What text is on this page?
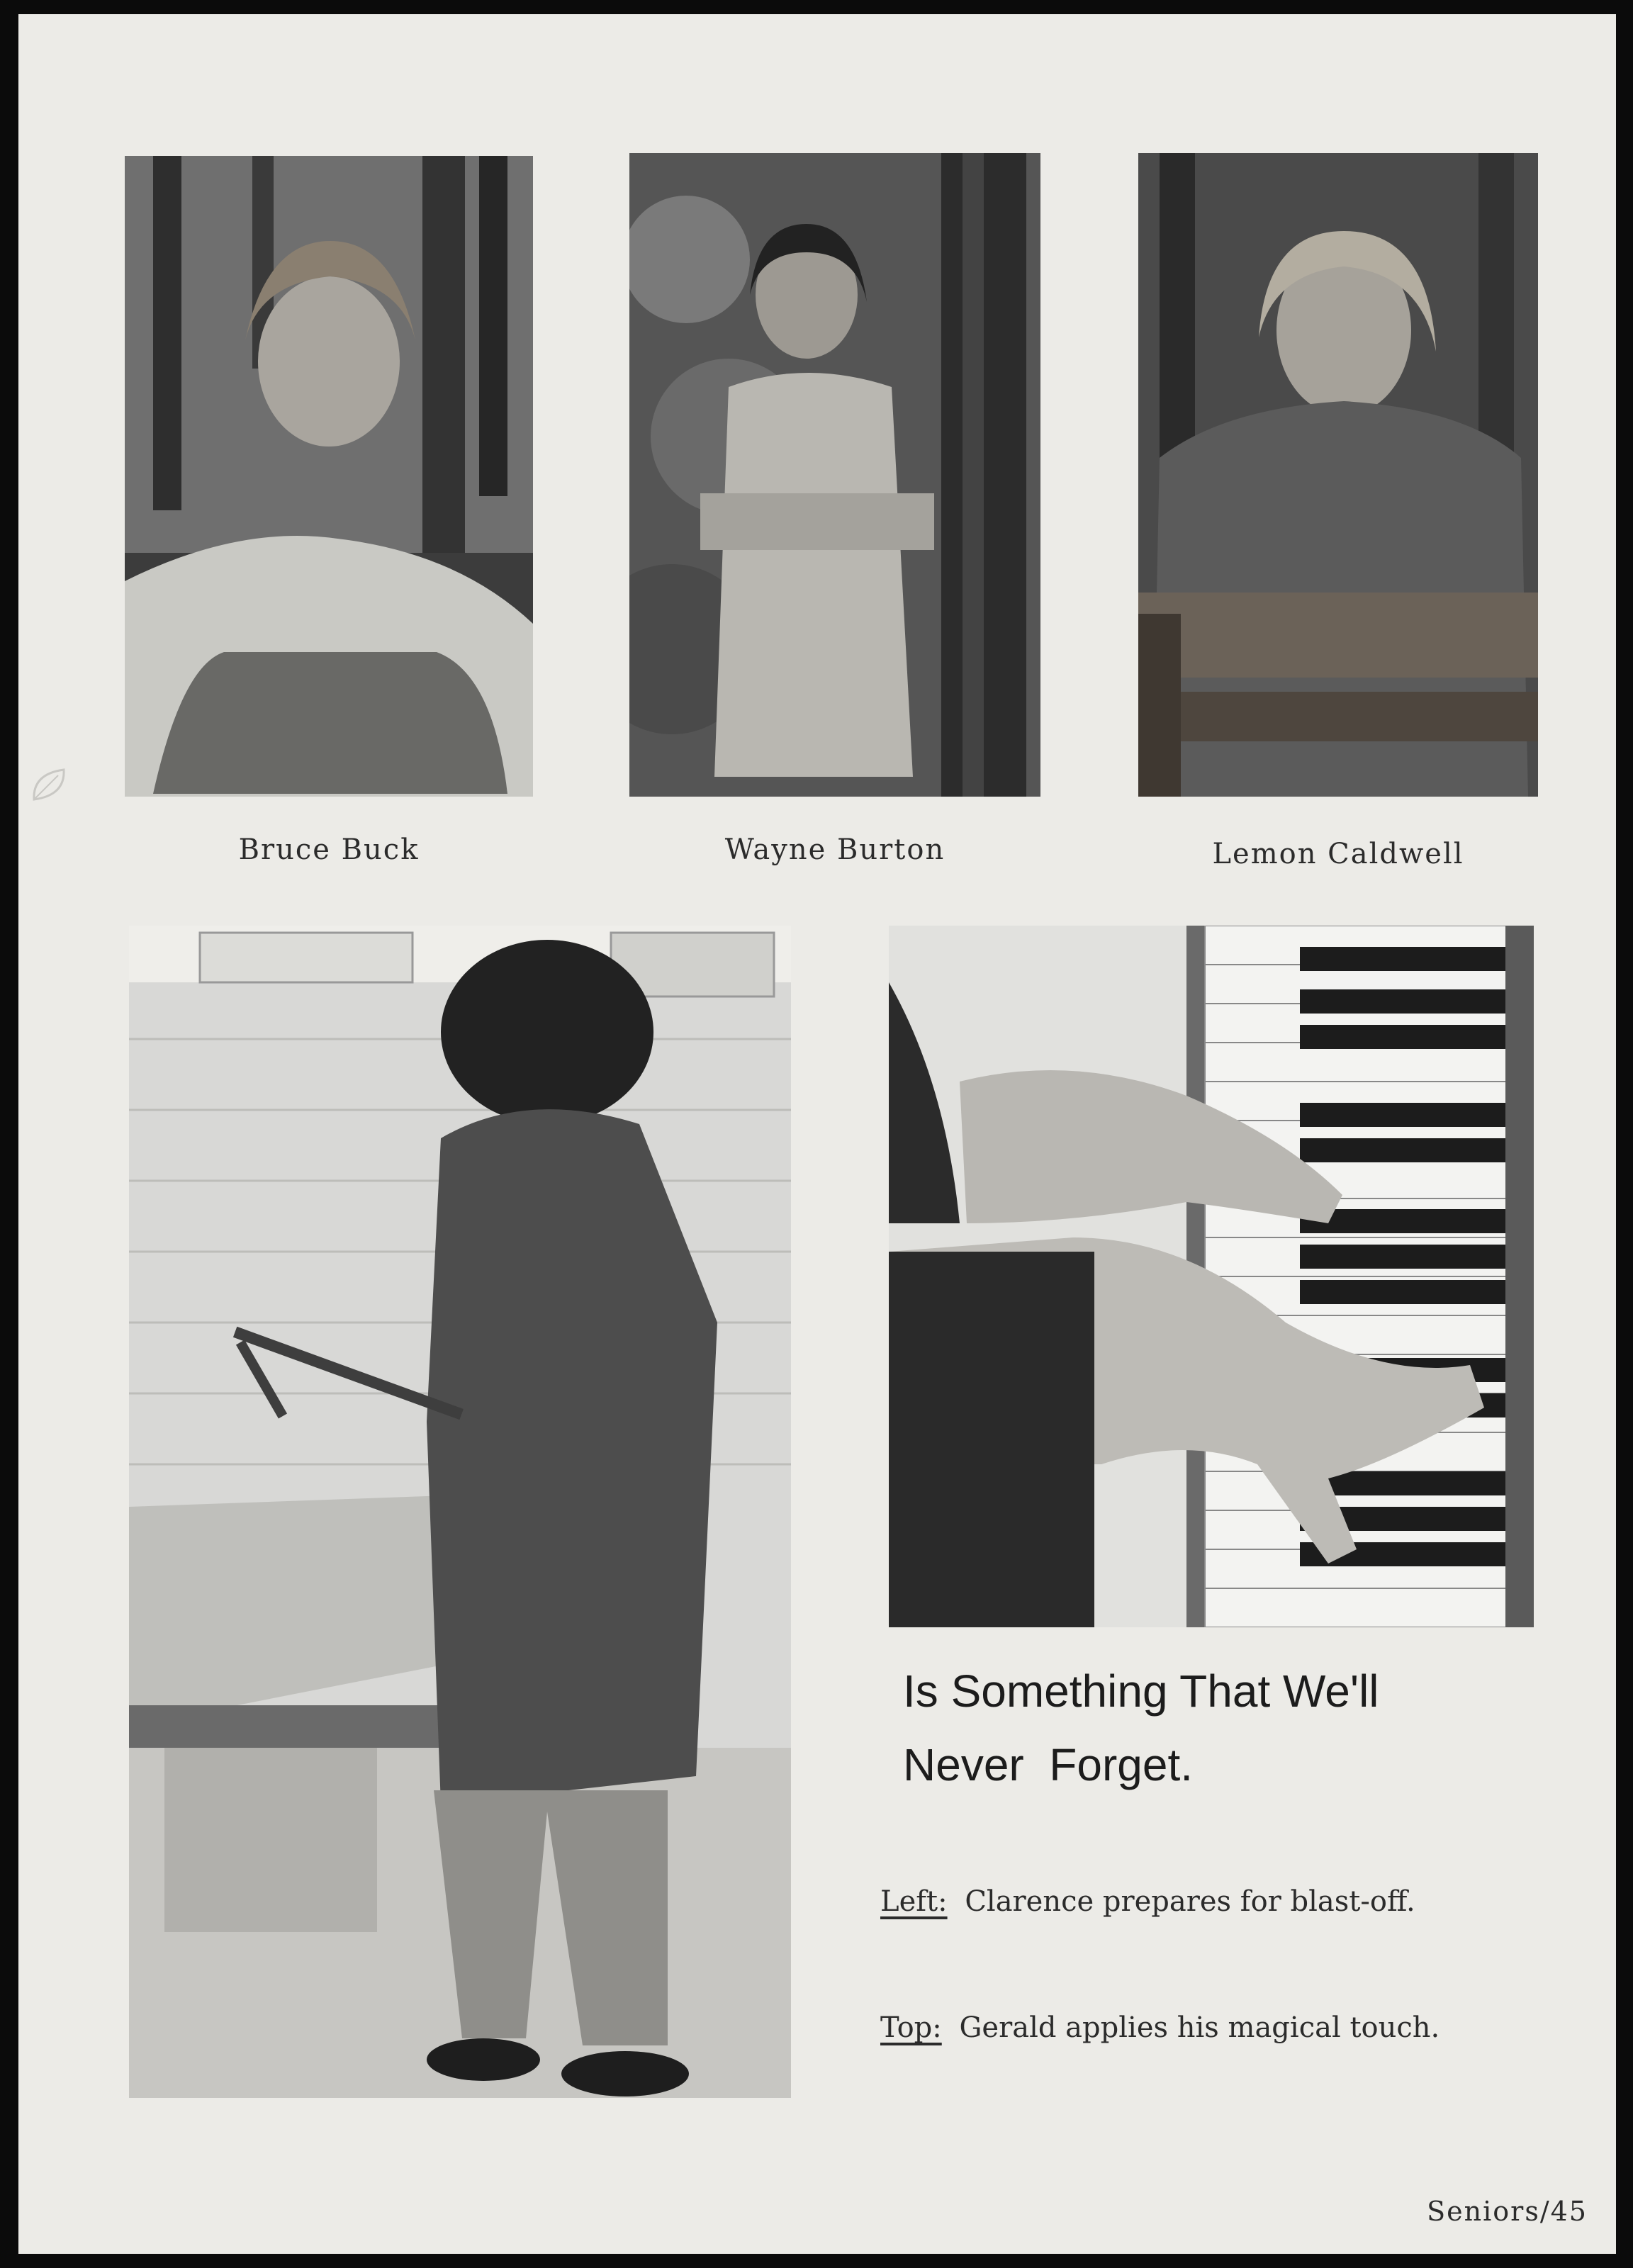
Bruce Buck	Wayne Burton	Lemon Caldwell
Is Something That We'll
Never  Forget.
Left: Clarence prepares for blast-off.
Top: Gerald applies his magical touch.
Seniors/45
